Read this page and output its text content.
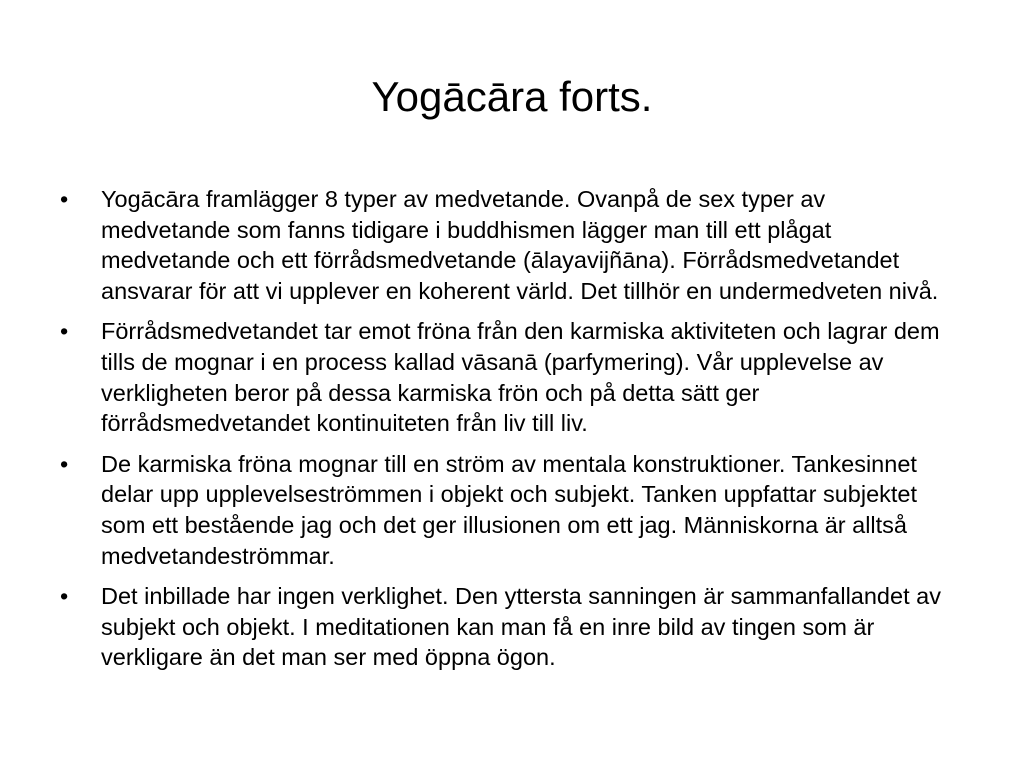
Yogācāra forts.
•	Yogācāra framlägger 8 typer av medvetande. Ovanpå de sex typer av medvetande som fanns tidigare i buddhismen lägger man till ett plågat medvetande och ett förrådsmedvetande (ālayavijñāna). Förrådsmedvetandet ansvarar för att vi upplever en koherent värld. Det tillhör en undermedveten nivå.
•	Förrådsmedvetandet tar emot fröna från den karmiska aktiviteten och lagrar dem tills de mognar i en process kallad vāsanā (parfymering). Vår upplevelse av verkligheten beror på dessa karmiska frön och på detta sätt ger förrådsmedvetandet kontinuiteten från liv till liv.
•	De karmiska fröna mognar till en ström av mentala konstruktioner. Tankesinnet delar upp upplevelseströmmen i objekt och subjekt. Tanken uppfattar subjektet som ett bestående jag och det ger illusionen om ett jag. Människorna är alltså medvetandeströmmar.
•	Det inbillade har ingen verklighet. Den yttersta sanningen är sammanfallandet av subjekt och objekt. I meditationen kan man få en inre bild av tingen som är verkligare än det man ser med öppna ögon.
